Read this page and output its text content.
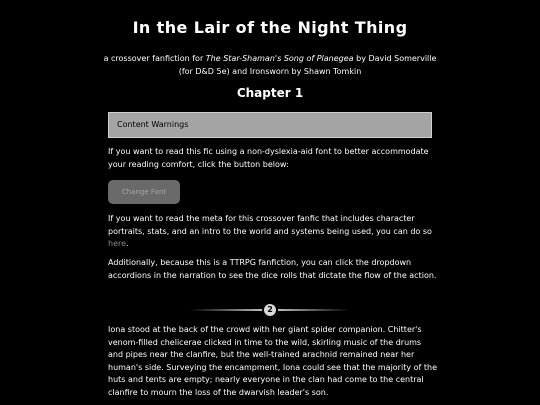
In the Lair of the Night Thing

a crossover fanfiction for The Star-Shaman's Song of Planegea by David Somerville (for D&D 5e) and Ironsworn by Shawn Tomkin

Chapter 1
Content Warnings

If you want to read this fic using a non-dyslexia-aid font to better accommodate your reading comfort, click the button below:

Change Font

If you want to read the meta for this crossover fanfic that includes character portraits, stats, and an intro to the world and systems being used, you can do so here.

Additionally, because this is a TTRPG fanfiction, you can click the dropdown accordions in the narration to see the dice rolls that dictate the flow of the action.

2

Iona stood at the back of the crowd with her giant spider companion. Chitter's venom-filled chelicerae clicked in time to the wild, skirling music of the drums and pipes near the clanfire, but the well-trained arachnid remained near her human's side. Surveying the encampment, Iona could see that the majority of the huts and tents are empty; nearly everyone in the clan had come to the central clanfire to mourn the loss of the dwarvish leader's son.
